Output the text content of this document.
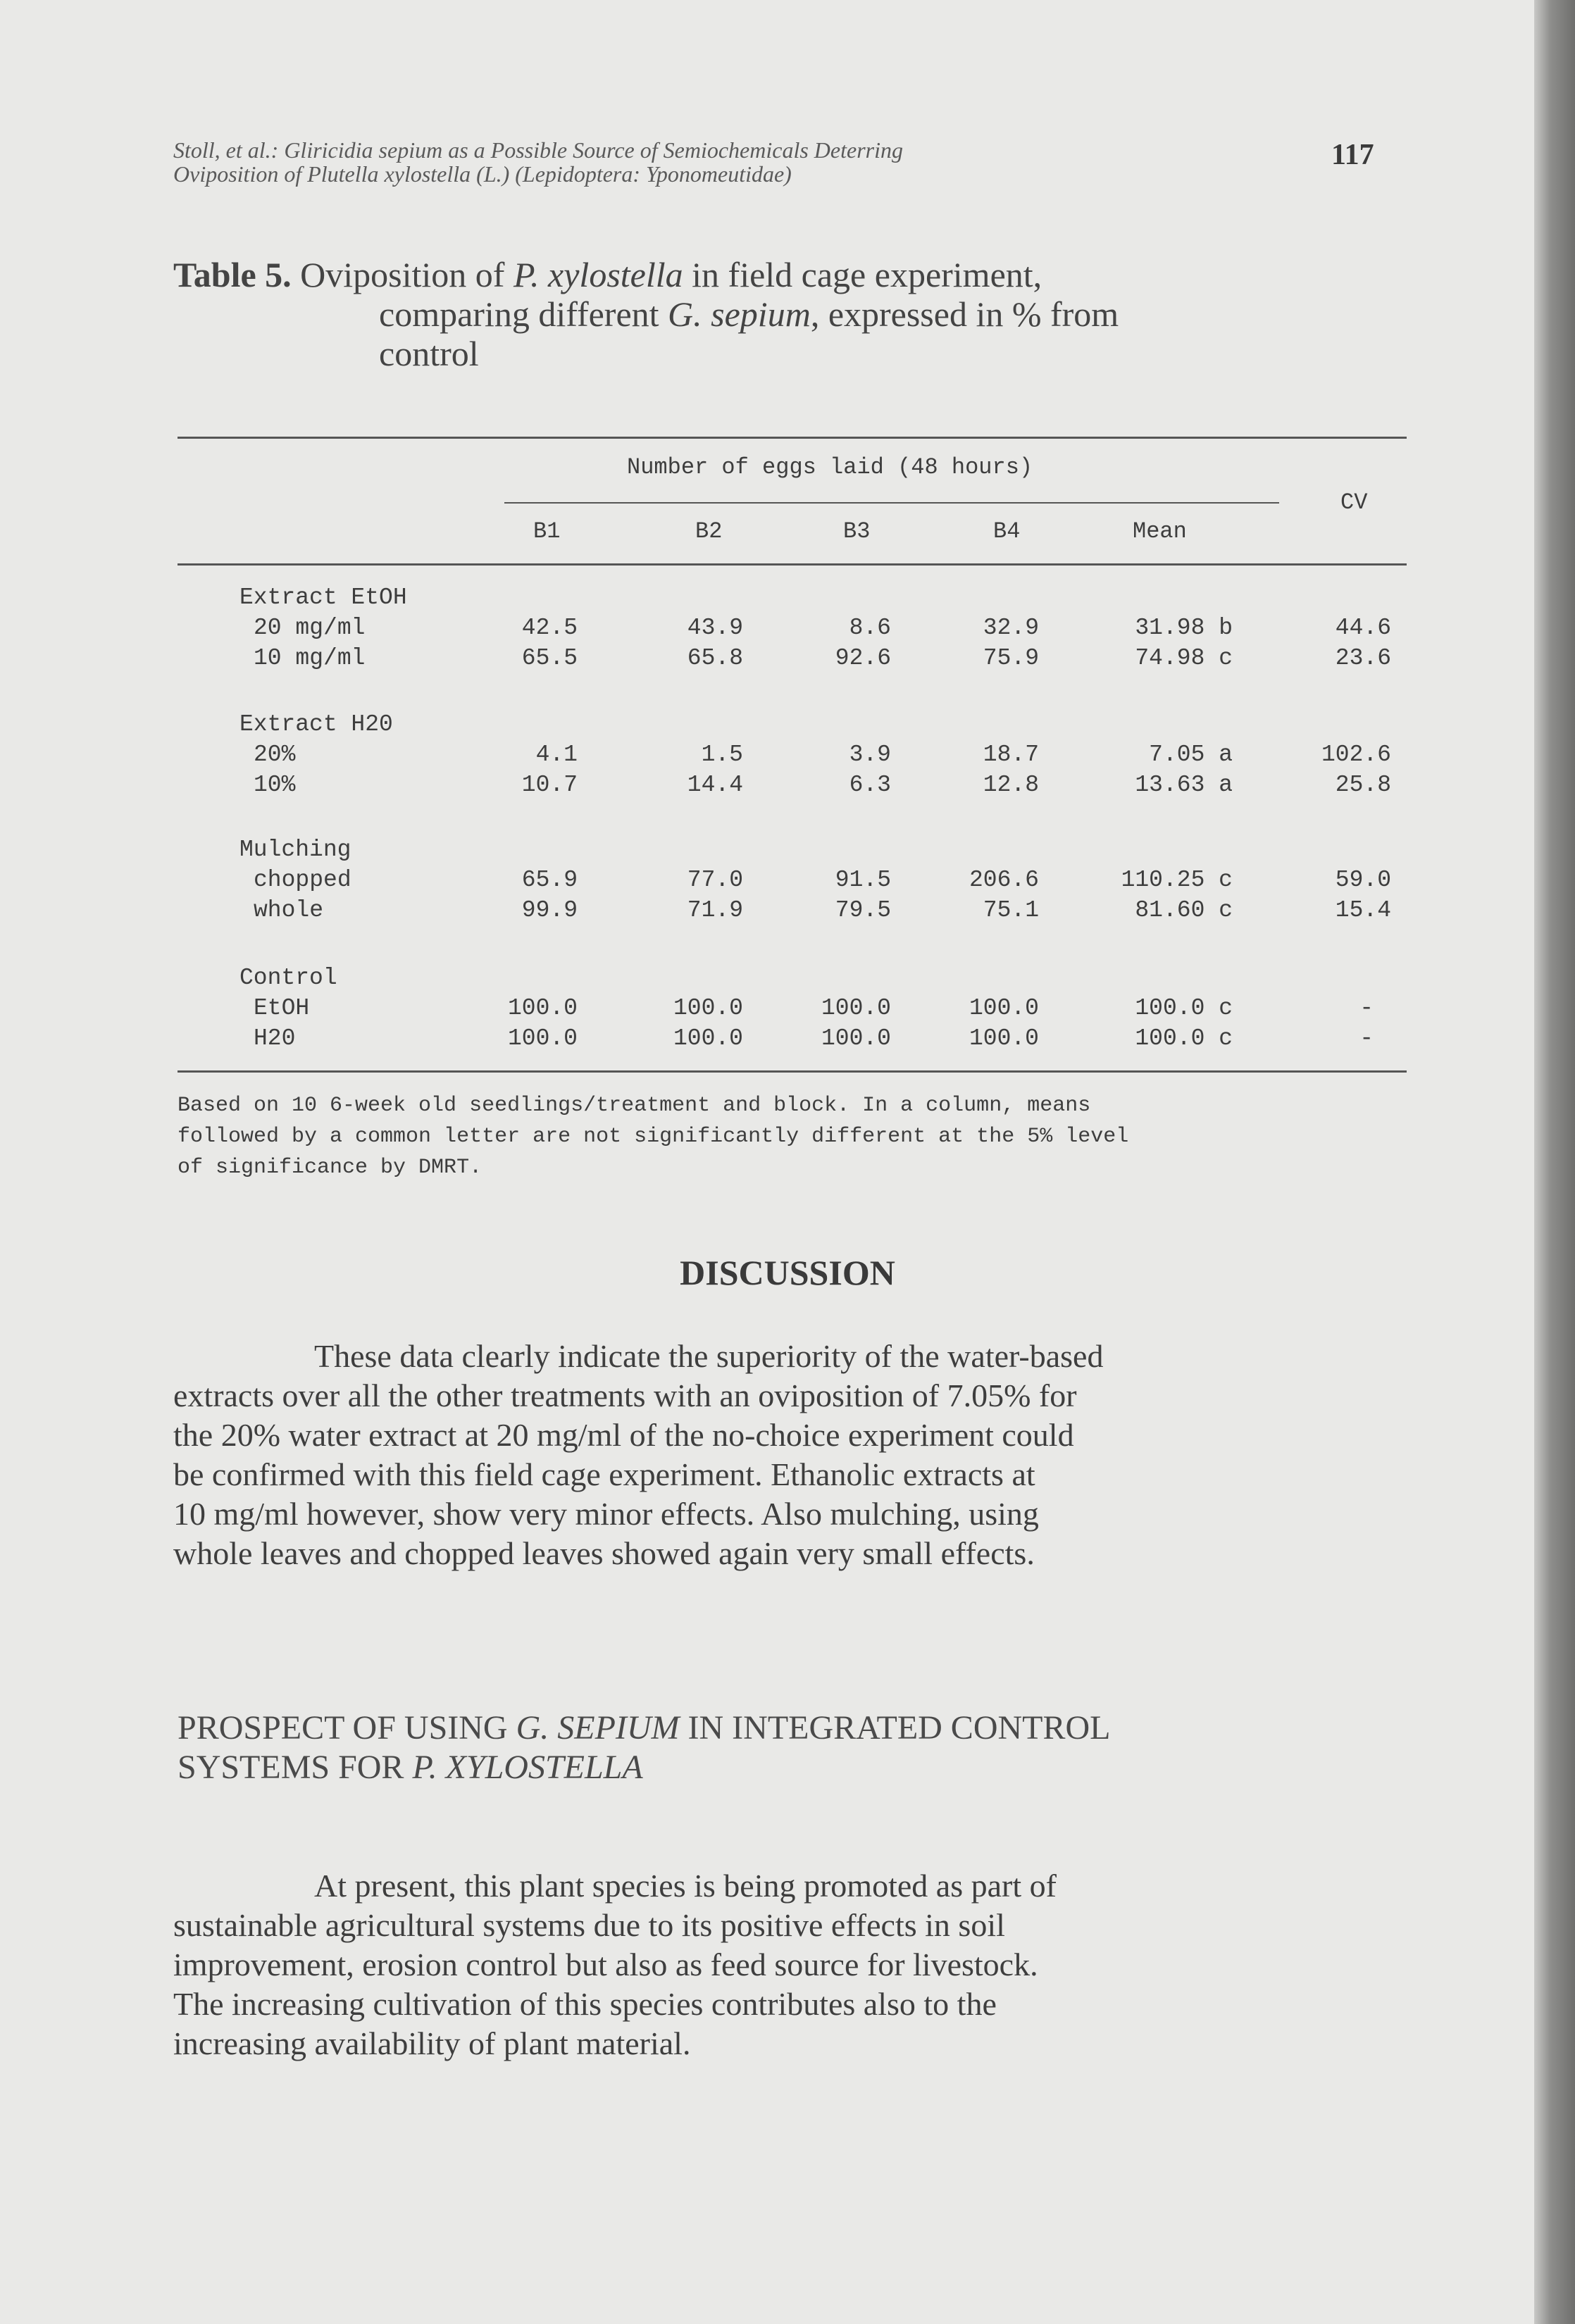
Stoll, et al.: Gliricidia sepium as a Possible Source of Semiochemicals Deterring
Oviposition of Plutella xylostella (L.) (Lepidoptera: Yponomeutidae)
117
Table 5. Oviposition of P. xylostella in field cage experiment,
comparing different G. sepium, expressed in % from
control
Number of eggs laid (48 hours)
B1	B2	B3	B4	Mean
CV
Extract EtOH
20 mg/ml	42.5	43.9	8.6	32.9	31.98 b	44.6
10 mg/ml	65.5	65.8	92.6	75.9	74.98 c	23.6
Extract H20
20%	4.1	1.5	3.9	18.7	7.05 a	102.6
10%	10.7	14.4	6.3	12.8	13.63 a	25.8
Mulching
chopped	65.9	77.0	91.5	206.6	110.25 c	59.0
whole	99.9	71.9	79.5	75.1	81.60 c	15.4
Control
EtOH	100.0	100.0	100.0	100.0	100.0 c	-
H20	100.0	100.0	100.0	100.0	100.0 c	-
Based on 10 6-week old seedlings/treatment and block. In a column, means
followed by a common letter are not significantly different at the 5% level
of significance by DMRT.
DISCUSSION
These data clearly indicate the superiority of the water-based
extracts over all the other treatments with an oviposition of 7.05% for
the 20% water extract at 20 mg/ml of the no-choice experiment could
be confirmed with this field cage experiment. Ethanolic extracts at
10 mg/ml however, show very minor effects. Also mulching, using
whole leaves and chopped leaves showed again very small effects.
PROSPECT OF USING G. SEPIUM IN INTEGRATED CONTROL
SYSTEMS FOR P. XYLOSTELLA
At present, this plant species is being promoted as part of
sustainable agricultural systems due to its positive effects in soil
improvement, erosion control but also as feed source for livestock.
The increasing cultivation of this species contributes also to the
increasing availability of plant material.
